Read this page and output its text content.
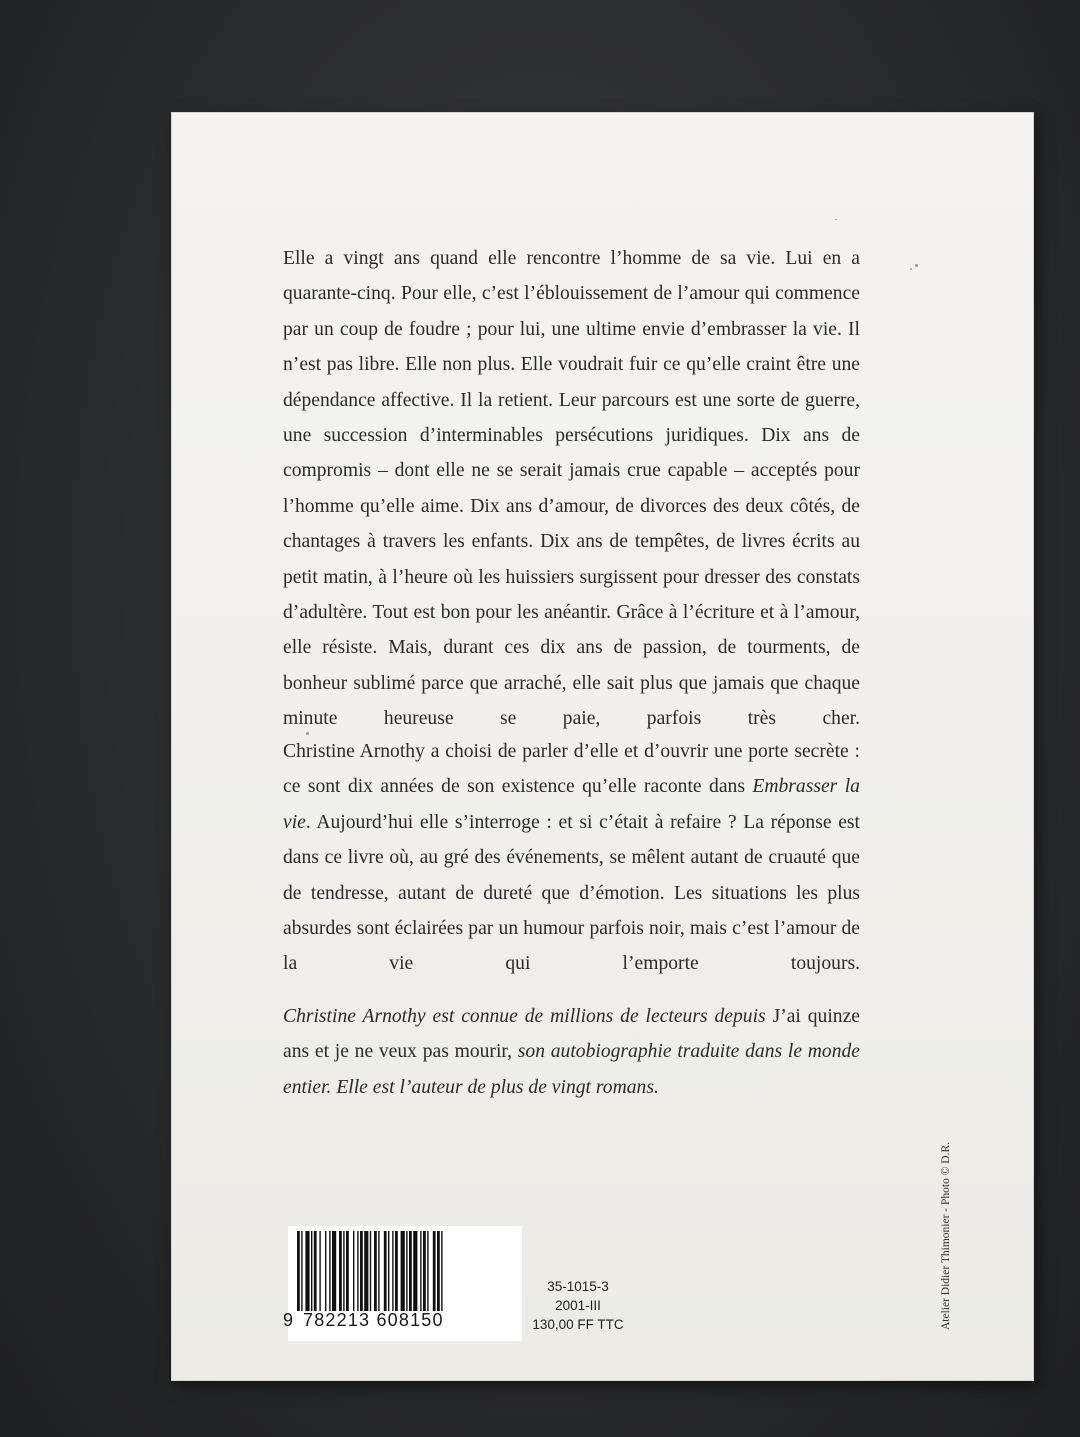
Elle a vingt ans quand elle rencontre l’homme de sa vie. Lui en a quarante-cinq. Pour elle, c’est l’éblouissement de l’amour qui commence par un coup de foudre ; pour lui, une ultime envie d’embrasser la vie. Il n’est pas libre. Elle non plus. Elle voudrait fuir ce qu’elle craint être une dépendance affective. Il la retient. Leur parcours est une sorte de guerre, une succession d’interminables persécutions juridiques. Dix ans de compromis – dont elle ne se serait jamais crue capable – acceptés pour l’homme qu’elle aime. Dix ans d’amour, de divorces des deux côtés, de chantages à travers les enfants. Dix ans de tempêtes, de livres écrits au petit matin, à l’heure où les huissiers surgissent pour dresser des constats d’adultère. Tout est bon pour les anéantir. Grâce à l’écriture et à l’amour, elle résiste. Mais, durant ces dix ans de passion, de tourments, de bonheur sublimé parce que arraché, elle sait plus que jamais que chaque minute heureuse se paie, parfois très cher.

Christine Arnothy a choisi de parler d’elle et d’ouvrir une porte secrète : ce sont dix années de son existence qu’elle raconte dans Embrasser la vie. Aujourd’hui elle s’interroge : et si c’était à refaire ? La réponse est dans ce livre où, au gré des événements, se mêlent autant de cruauté que de tendresse, autant de dureté que d’émotion. Les situations les plus absurdes sont éclairées par un humour parfois noir, mais c’est l’amour de la vie qui l’emporte toujours.

Christine Arnothy est connue de millions de lecteurs depuis J’ai quinze ans et je ne veux pas mourir, son autobiographie traduite dans le monde entier. Elle est l’auteur de plus de vingt romans.

9 782213 608150
35-1015-3
2001-III
130,00 FF TTC	Atelier Didier Thimonier - Photo © D.R.
